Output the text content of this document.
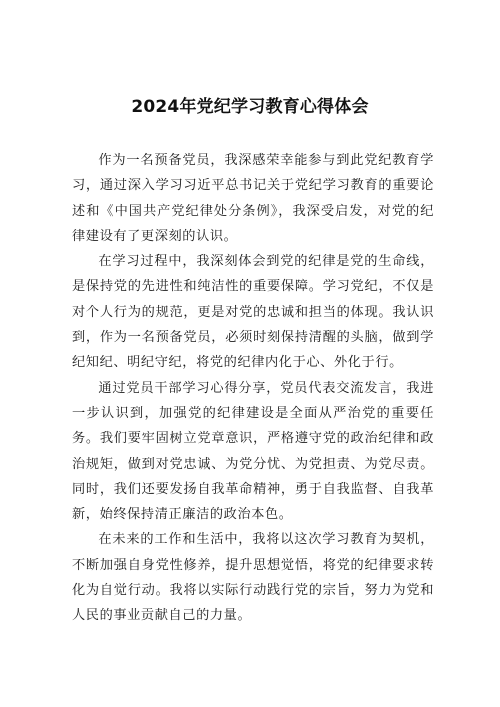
2024年党纪学习教育心得体会

作为一名预备党员，我深感荣幸能参与到此党纪教育学习，通过深入学习习近平总书记关于党纪学习教育的重要论述和《中国共产党纪律处分条例》，我深受启发，对党的纪律建设有了更深刻的认识。

在学习过程中，我深刻体会到党的纪律是党的生命线，是保持党的先进性和纯洁性的重要保障。学习党纪，不仅是对个人行为的规范，更是对党的忠诚和担当的体现。我认识到，作为一名预备党员，必须时刻保持清醒的头脑，做到学纪知纪、明纪守纪，将党的纪律内化于心、外化于行。

通过党员干部学习心得分享，党员代表交流发言，我进一步认识到，加强党的纪律建设是全面从严治党的重要任务。我们要牢固树立党章意识，严格遵守党的政治纪律和政治规矩，做到对党忠诚、为党分忧、为党担责、为党尽责。同时，我们还要发扬自我革命精神，勇于自我监督、自我革新，始终保持清正廉洁的政治本色。

在未来的工作和生活中，我将以这次学习教育为契机，不断加强自身党性修养，提升思想觉悟，将党的纪律要求转化为自觉行动。我将以实际行动践行党的宗旨，努力为党和人民的事业贡献自己的力量。
